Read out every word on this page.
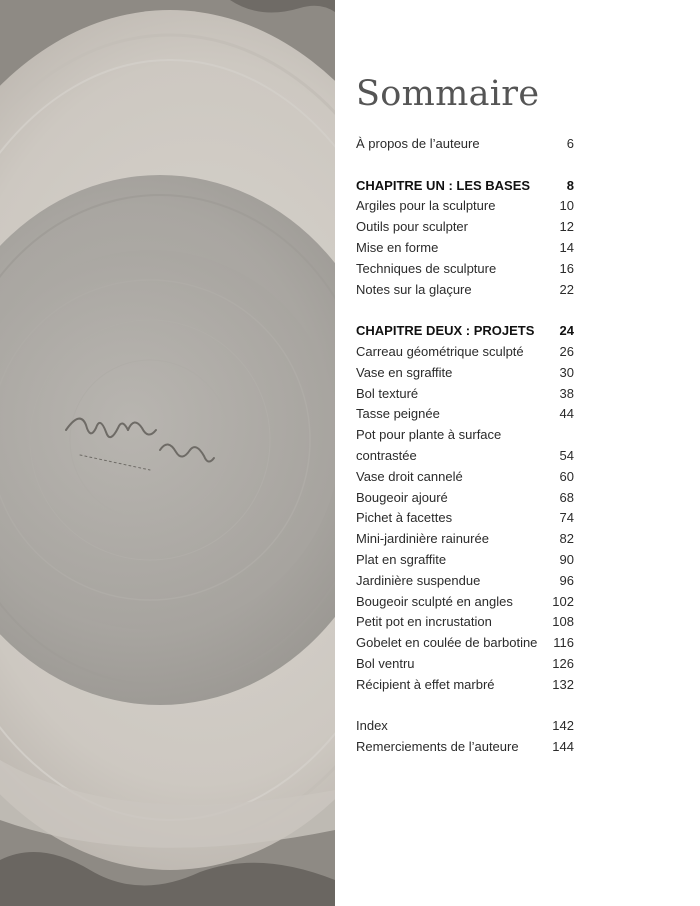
Sommaire
À propos de l’auteure	6
CHAPITRE UN : LES BASES	8
Argiles pour la sculpture	10
Outils pour sculpter	12
Mise en forme	14
Techniques de sculpture	16
Notes sur la glaçure	22
CHAPITRE DEUX : PROJETS	24
Carreau géométrique sculpté	26
Vase en sgraffite	30
Bol texturé	38
Tasse peignée	44
Pot pour plante à surface contrastée	54
Vase droit cannelé	60
Bougeoir ajouré	68
Pichet à facettes	74
Mini-jardinière rainurée	82
Plat en sgraffite	90
Jardinière suspendue	96
Bougeoir sculpté en angles	102
Petit pot en incrustation	108
Gobelet en coulée de barbotine	116
Bol ventru	126
Récipient à effet marbré	132
Index	142
Remerciements de l’auteure	144
